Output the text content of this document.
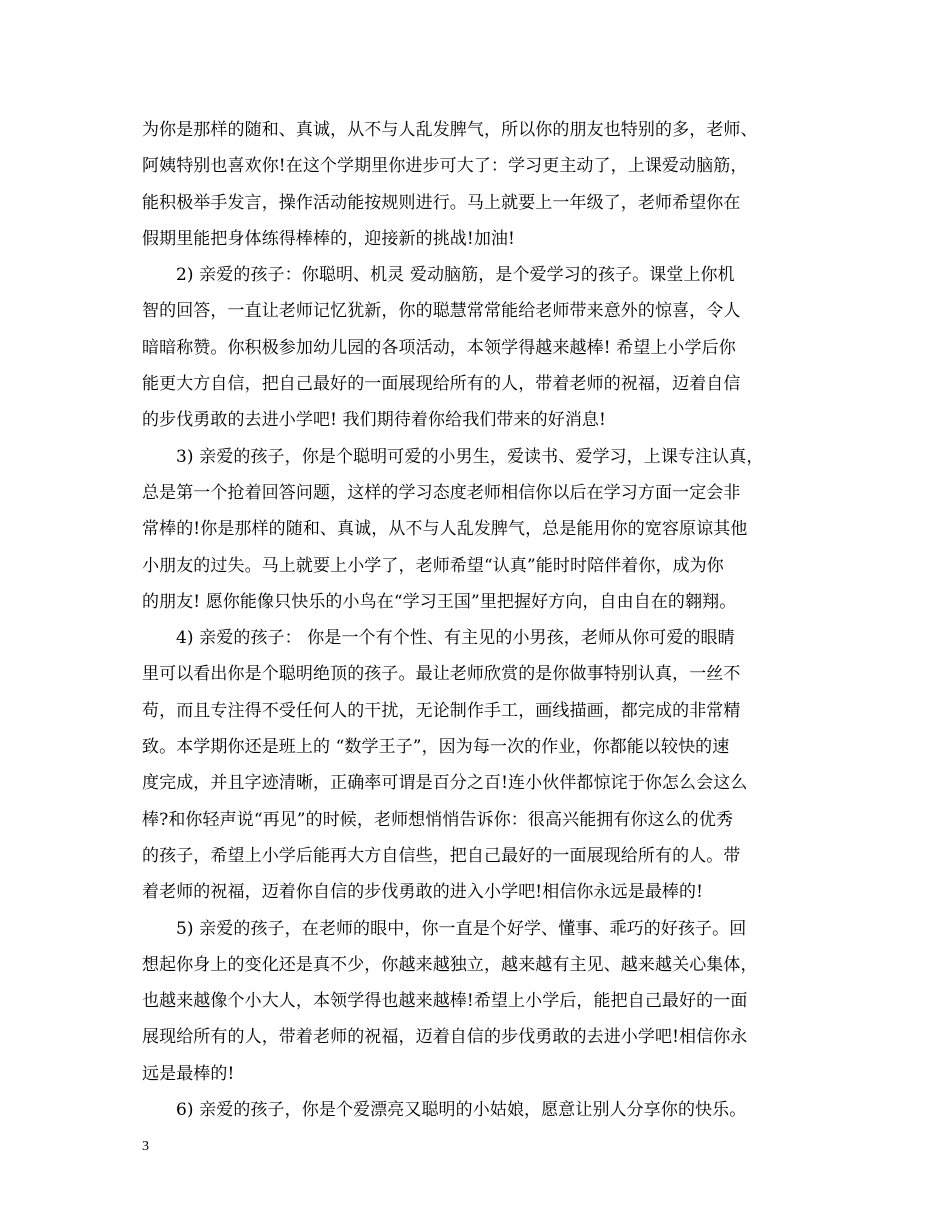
为你是那样的随和、真诚，从不与人乱发脾气，所以你的朋友也特别的多，老师、
阿姨特别也喜欢你!在这个学期里你进步可大了：学习更主动了，上课爱动脑筋，
能积极举手发言，操作活动能按规则进行。马上就要上一年级了，老师希望你在
假期里能把身体练得棒棒的，迎接新的挑战!加油!
2) 亲爱的孩子：你聪明、机灵 爱动脑筋，是个爱学习的孩子。课堂上你机
智的回答，一直让老师记忆犹新，你的聪慧常常能给老师带来意外的惊喜，令人
暗暗称赞。你积极参加幼儿园的各项活动，本领学得越来越棒! 希望上小学后你
能更大方自信，把自己最好的一面展现给所有的人，带着老师的祝福，迈着自信
的步伐勇敢的去进小学吧! 我们期待着你给我们带来的好消息!
3) 亲爱的孩子，你是个聪明可爱的小男生，爱读书、爱学习，上课专注认真，
总是第一个抢着回答问题，这样的学习态度老师相信你以后在学习方面一定会非
常棒的!你是那样的随和、真诚，从不与人乱发脾气，总是能用你的宽容原谅其他
小朋友的过失。马上就要上小学了，老师希望“认真”能时时陪伴着你，成为你
的朋友! 愿你能像只快乐的小鸟在“学习王国”里把握好方向，自由自在的翱翔。
4) 亲爱的孩子： 你是一个有个性、有主见的小男孩，老师从你可爱的眼睛
里可以看出你是个聪明绝顶的孩子。最让老师欣赏的是你做事特别认真，一丝不
苟，而且专注得不受任何人的干扰，无论制作手工，画线描画，都完成的非常精
致。本学期你还是班上的 “数学王子”，因为每一次的作业，你都能以较快的速
度完成，并且字迹清晰，正确率可谓是百分之百!连小伙伴都惊诧于你怎么会这么
棒?和你轻声说“再见”的时候，老师想悄悄告诉你：很高兴能拥有你这么的优秀
的孩子，希望上小学后能再大方自信些，把自己最好的一面展现给所有的人。带
着老师的祝福，迈着你自信的步伐勇敢的进入小学吧!相信你永远是最棒的!
5) 亲爱的孩子，在老师的眼中，你一直是个好学、懂事、乖巧的好孩子。回
想起你身上的变化还是真不少，你越来越独立，越来越有主见、越来越关心集体，
也越来越像个小大人，本领学得也越来越棒!希望上小学后，能把自己最好的一面
展现给所有的人，带着老师的祝福，迈着自信的步伐勇敢的去进小学吧!相信你永
远是最棒的!
6) 亲爱的孩子，你是个爱漂亮又聪明的小姑娘，愿意让别人分享你的快乐。
3
